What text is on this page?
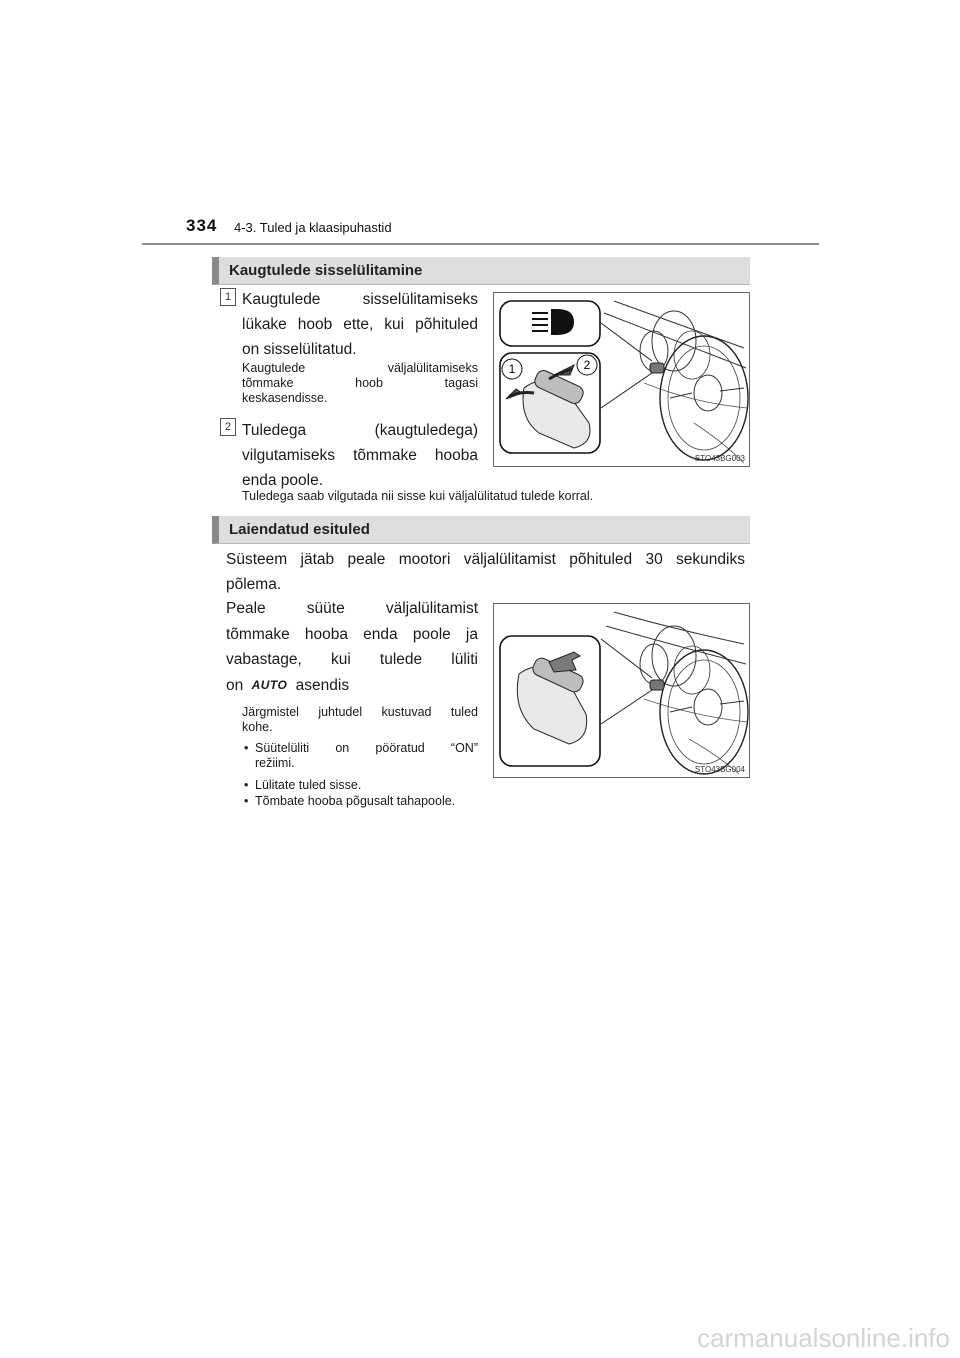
334 4-3. Tuled ja klaasipuhastid
Kaugtulede sisselülitamine
1 Kaugtulede sisselülitamiseks
lükake hoob ette, kui põhituled
on sisselülitatud.
Kaugtulede väljalülitamiseks
tõmmake hoob tagasi
keskasendisse.
2 Tuledega (kaugtuledega)
vilgutamiseks tõmmake hooba
enda poole.
Tuledega saab vilgutada nii sisse kui väljalülitatud tulede korral.
1	2
STO43BG003
Laiendatud esituled
Süsteem jätab peale mootori väljalülitamist põhituled 30 sekundiks
põlema.
Peale süüte väljalülitamist
tõmmake hooba enda poole ja
vabastage, kui tulede lüliti
on AUTO asendis
Järgmistel juhtudel kustuvad tuled
kohe.
• Süütelüliti on pööratud “ON”
režiimi.
• Lülitate tuled sisse.
• Tõmbate hooba põgusalt tahapoole.
STO43BG004
carmanualsonline.info
